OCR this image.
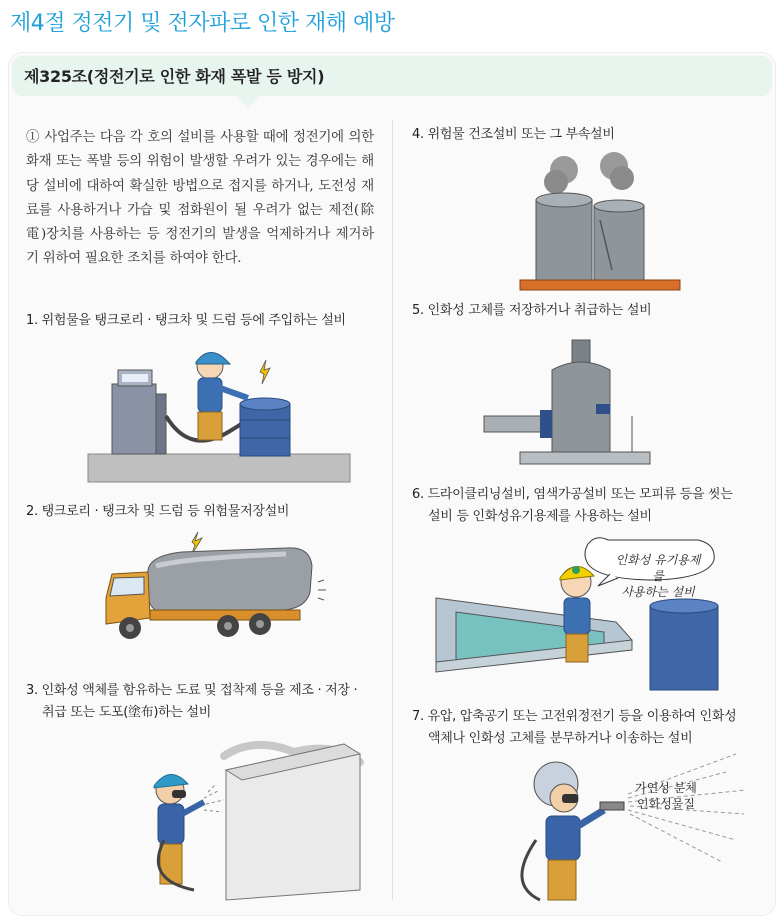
제4절 정전기 및 전자파로 인한 재해 예방
제325조(정전기로 인한 화재 폭발 등 방지)

① 사업주는 다음 각 호의 설비를 사용할 때에 정전기에 의한 화재 또는 폭발 등의 위험이 발생할 우려가 있는 경우에는 해당 설비에 대하여 확실한 방법으로 접지를 하거나, 도전성 재료를 사용하거나 가습 및 점화원이 될 우려가 없는 제전(除電)장치를 사용하는 등 정전기의 발생을 억제하거나 제거하기 위하여 필요한 조치를 하여야 한다.

1. 위험물을 탱크로리 · 탱크차 및 드럼 등에 주입하는 설비
2. 탱크로리 · 탱크차 및 드럼 등 위험물저장설비
3. 인화성 액체를 함유하는 도료 및 접착제 등을 제조 · 저장 ·
취급 또는 도포(塗布)하는 설비
4. 위험물 건조설비 또는 그 부속설비
5. 인화성 고체를 저장하거나 취급하는 설비
6. 드라이클리닝설비, 염색가공설비 또는 모피류 등을 씻는
설비 등 인화성유기용제를 사용하는 설비
7. 유압, 압축공기 또는 고전위정전기 등을 이용하여 인화성
액체나 인화성 고체를 분무하거나 이송하는 설비
인화성 유기용제를
사용하는 설비
가연성 분체
인화성물질
